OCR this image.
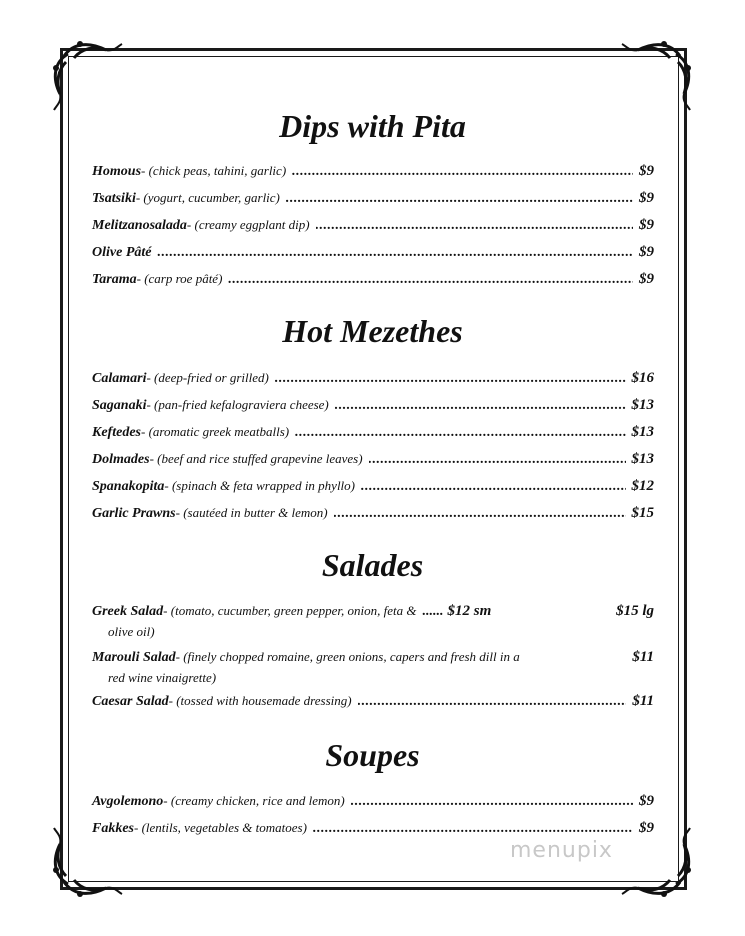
Dips with Pita
Homous - (chick peas, tahini, garlic) .....	$9
Tsatsiki - (yogurt, cucumber, garlic) .....	$9
Melitzanosalada - (creamy eggplant dip) .....	$9
Olive Pâté .....	$9
Tarama - (carp roe pâté) .....	$9
Hot Mezethes
Calamari - (deep-fried or grilled) .....	$16
Saganaki - (pan-fried kefalograviera cheese) .....	$13
Keftedes - (aromatic greek meatballs) .....	$13
Dolmades - (beef and rice stuffed grapevine leaves) .....	$13
Spanakopita - (spinach & feta wrapped in phyllo) .....	$12
Garlic Prawns - (sautéed in butter & lemon) .....	$15
Salades
Greek Salad - (tomato, cucumber, green pepper, onion, feta & ...... $12 sm	$15 lg
olive oil)
Marouli Salad - (finely chopped romaine, green onions, capers and fresh dill in a	$11
red wine vinaigrette)
Caesar Salad - (tossed with housemade dressing) .....	$11
Soupes
Avgolemono - (creamy chicken, rice and lemon) .....	$9
Fakkes - (lentils, vegetables & tomatoes) .....	$9
menupix
